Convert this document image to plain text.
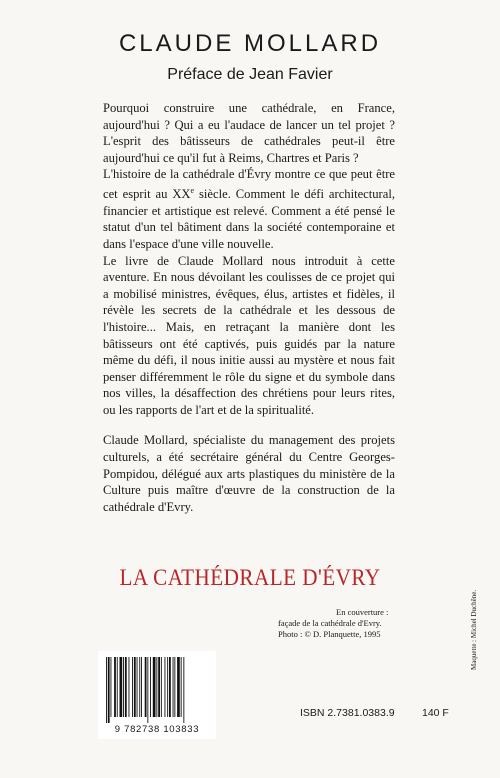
CLAUDE MOLLARD
Préface de Jean Favier

Pourquoi construire une cathédrale, en France, aujourd'hui ? Qui a eu l'audace de lancer un tel projet ? L'esprit des bâtisseurs de cathédrales peut-il être aujourd'hui ce qu'il fut à Reims, Chartres et Paris ?

L'histoire de la cathédrale d'Évry montre ce que peut être cet esprit au XXe siècle. Comment le défi architectural, financier et artistique est relevé. Comment a été pensé le statut d'un tel bâtiment dans la société contemporaine et dans l'espace d'une ville nouvelle.

Le livre de Claude Mollard nous introduit à cette aventure. En nous dévoilant les coulisses de ce projet qui a mobilisé ministres, évêques, élus, artistes et fidèles, il révèle les secrets de la cathédrale et les dessous de l'histoire... Mais, en retraçant la manière dont les bâtisseurs ont été captivés, puis guidés par la nature même du défi, il nous initie aussi au mystère et nous fait penser différemment le rôle du signe et du symbole dans nos villes, la désaffection des chrétiens pour leurs rites, ou les rapports de l'art et de la spiritualité.

Claude Mollard, spécialiste du management des projets culturels, a été secrétaire général du Centre Georges-Pompidou, délégué aux arts plastiques du ministère de la Culture puis maître d'œuvre de la construction de la cathédrale d'Evry.

LA CATHÉDRALE D'ÉVRY
En couverture :
façade de la cathédrale d'Evry.
Photo : © D. Planquette, 1995	Maquette : Michel Duchêne.
9 782738 103833
ISBN 2.7381.0383.9	140 F
